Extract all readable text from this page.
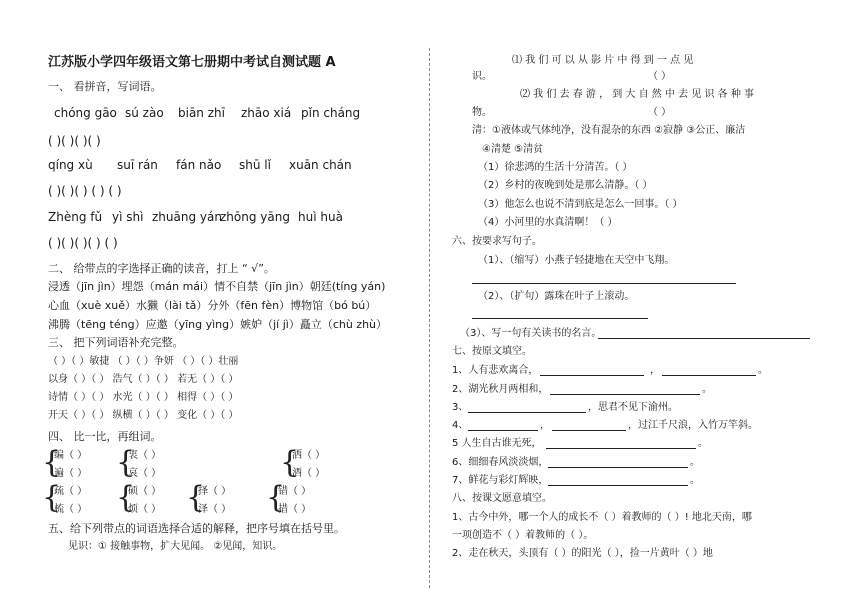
江苏版小学四年级语文第七册期中考试自测试题 A
一、 看拼音，写词语。
chóng gāo sú zào biān zhī zhāo xiá pǐn cháng
( )( )( )( )
qíng xù suī rán fán nǎo shū lǐ xuān chán
( )( )( ) ( ) ( )
Zhèng fǔ yì shì zhuāng yán
zhōng yāng huì huà
( )( )( )( ) ( )
二、 给带点的字选择正确的读音，打上 “ √”。
浸透（jīn jìn）埋怨（mán mái）情不自禁（jīn jìn）朝廷(tíng yán)
心血（xuè xuě）水獭（lài tǎ）分外（fēn fèn）博物馆（bó bú）
沸腾（tēng téng）应邀（yīng yìng）嫉妒（jí jì）矗立（chù zhù）
三、 把下列词语补充完整。
（ ）（ ）敏捷 （ ）（ ）争妍 （ ）（ ）壮丽
以身（ ）（ ） 浩气（ ）（ ） 若无（ ）（ ）
诗情（ ）（ ） 水光（ ）（ ） 相得（ ）（ ）
开天（ ）（ ） 纵横（ ）（ ） 变化（ ）（ ）
四、 比一比，再组词。
{ {	{
编（ ）	衷（ ）	洒（ ）
遍（ ）	哀（ ）	酒（ ）
{ { { {
疏（ ）	硕（ ）	择（ ）	错（ ）
梳（ ）	烦（ ）	泽（ ）	措（ ）
五、给下列带点的词语选择合适的解释，把序号填在括号里。
见识：① 接触事物，扩大见闻。 ②见闻，知识。
⑴ 我 们 可 以 从 影 片 中 得 到 一 点 见
识。	（ ）
⑵ 我 们 去 春 游 ， 到 大 自 然 中 去 见 识 各 种 事
物。	（ ）
清：①液体或气体纯净，没有混杂的东西 ②寂静 ③公正、廉洁
④清楚 ⑤清贫
（1）徐悲鸿的生活十分清苦。（ ）
（2）乡村的夜晚到处是那么清静。（ ）
（3）他怎么也说不清到底是怎么一回事。（ ）
（4）小河里的水真清啊！（ ）
六、按要求写句子。
（1）、（缩写）小燕子轻捷地在天空中飞翔。
（2）、（扩句）露珠在叶子上滚动。
（3）、写一句有关读书的名言。
七、按原文填空。
1、人有悲欢离合，	，	。
2、湖光秋月两相和，	。
3、	，思君不见下渝州。
4、	，	，过江千尺浪，入竹万竿斜。
5 人生自古谁无死，	。
6、细细春风淡淡烟，	。
7、鲜花与彩灯辉映，	。
八、按课文愿意填空。
1、古今中外，哪一个人的成长不（ ）着教师的（ ）! 地北天南，哪
一项创造不（ ）着教师的（ ）。
2、走在秋天，头顶有（ ）的阳光（ ），捡一片黄叶（ ）地
